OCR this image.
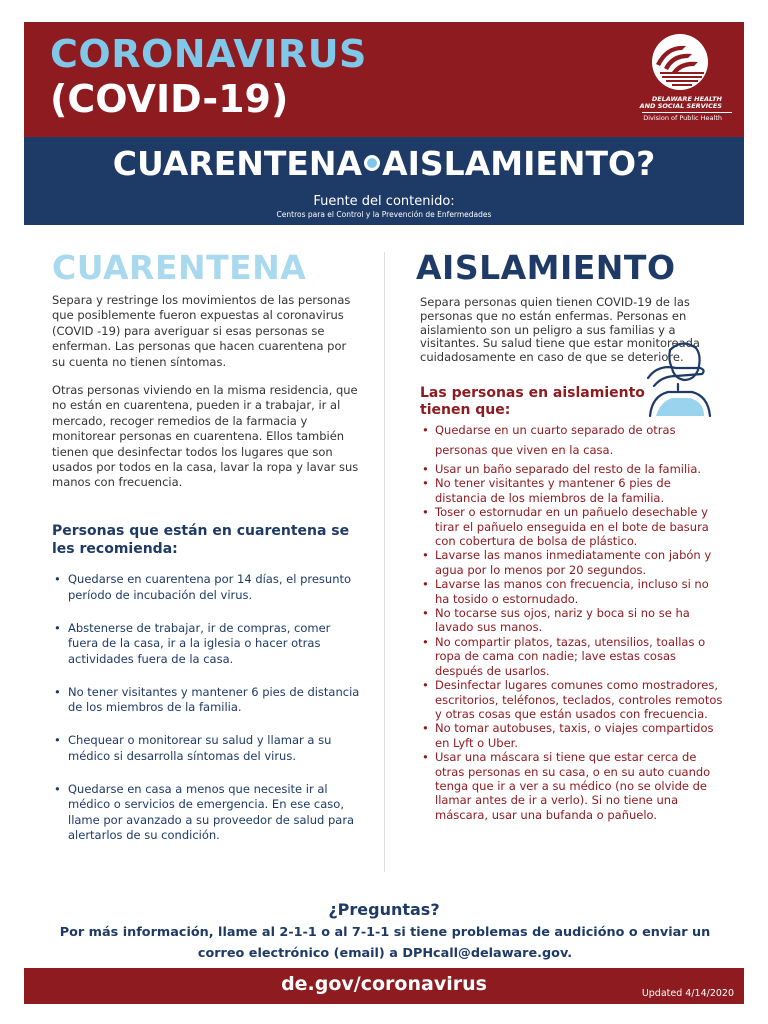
CORONAVIRUS
(COVID-19)	DELAWARE HEALTH
AND SOCIAL SERVICES
Division of Public Health
CUARENTENA AISLAMIENTO?
Fuente del contenido:
Centros para el Control y la Prevención de Enfermedades
CUARENTENA
Separa y restringe los movimientos de las personas que posiblemente fueron expuestas al coronavirus (COVID -19) para averiguar si esas personas se enferman. Las personas que hacen cuarentena por su cuenta no tienen síntomas.
Otras personas viviendo en la misma residencia, que no están en cuarentena, pueden ir a trabajar, ir al mercado, recoger remedios de la farmacia y monitorear personas en cuarentena. Ellos también tienen que desinfectar todos los lugares que son usados por todos en la casa, lavar la ropa y lavar sus manos con frecuencia.
Personas que están en cuarentena se les recomienda:
• Quedarse en cuarentena por 14 días, el presunto período de incubación del virus.
• Abstenerse de trabajar, ir de compras, comer fuera de la casa, ir a la iglesia o hacer otras actividades fuera de la casa.
• No tener visitantes y mantener 6 pies de distancia de los miembros de la familia.
• Chequear o monitorear su salud y llamar a su médico si desarrolla síntomas del virus.
• Quedarse en casa a menos que necesite ir al médico o servicios de emergencia. En ese caso, llame por avanzado a su proveedor de salud para alertarlos de su condición.
AISLAMIENTO
Separa personas quien tienen COVID-19 de las personas que no están enfermas. Personas en aislamiento son un peligro a sus familias y a visitantes. Su salud tiene que estar monitoreada cuidadosamente en caso de que se deteriore.
Las personas en aislamiento tienen que:
• Quedarse en un cuarto separado de otras personas que viven en la casa.
• Usar un baño separado del resto de la familia.
• No tener visitantes y mantener 6 pies de distancia de los miembros de la familia.
• Toser o estornudar en un pañuelo desechable y tirar el pañuelo enseguida en el bote de basura con cobertura de bolsa de plástico.
• Lavarse las manos inmediatamente con jabón y agua por lo menos por 20 segundos.
• Lavarse las manos con frecuencia, incluso si no ha tosido o estornudado.
• No tocarse sus ojos, nariz y boca si no se ha lavado sus manos.
• No compartir platos, tazas, utensilios, toallas o ropa de cama con nadie; lave estas cosas después de usarlos.
• Desinfectar lugares comunes como mostradores, escritorios, teléfonos, teclados, controles remotos y otras cosas que están usados con frecuencia.
• No tomar autobuses, taxis, o viajes compartidos en Lyft o Uber.
• Usar una máscara si tiene que estar cerca de otras personas en su casa, o en su auto cuando tenga que ir a ver a su médico (no se olvide de llamar antes de ir a verlo). Si no tiene una máscara, usar una bufanda o pañuelo.
¿Preguntas?
Por más información, llame al 2-1-1 o al 7-1-1 si tiene problemas de audicióno o enviar un correo electrónico (email) a DPHcall@delaware.gov.
de.gov/coronavirus	Updated 4/14/2020
